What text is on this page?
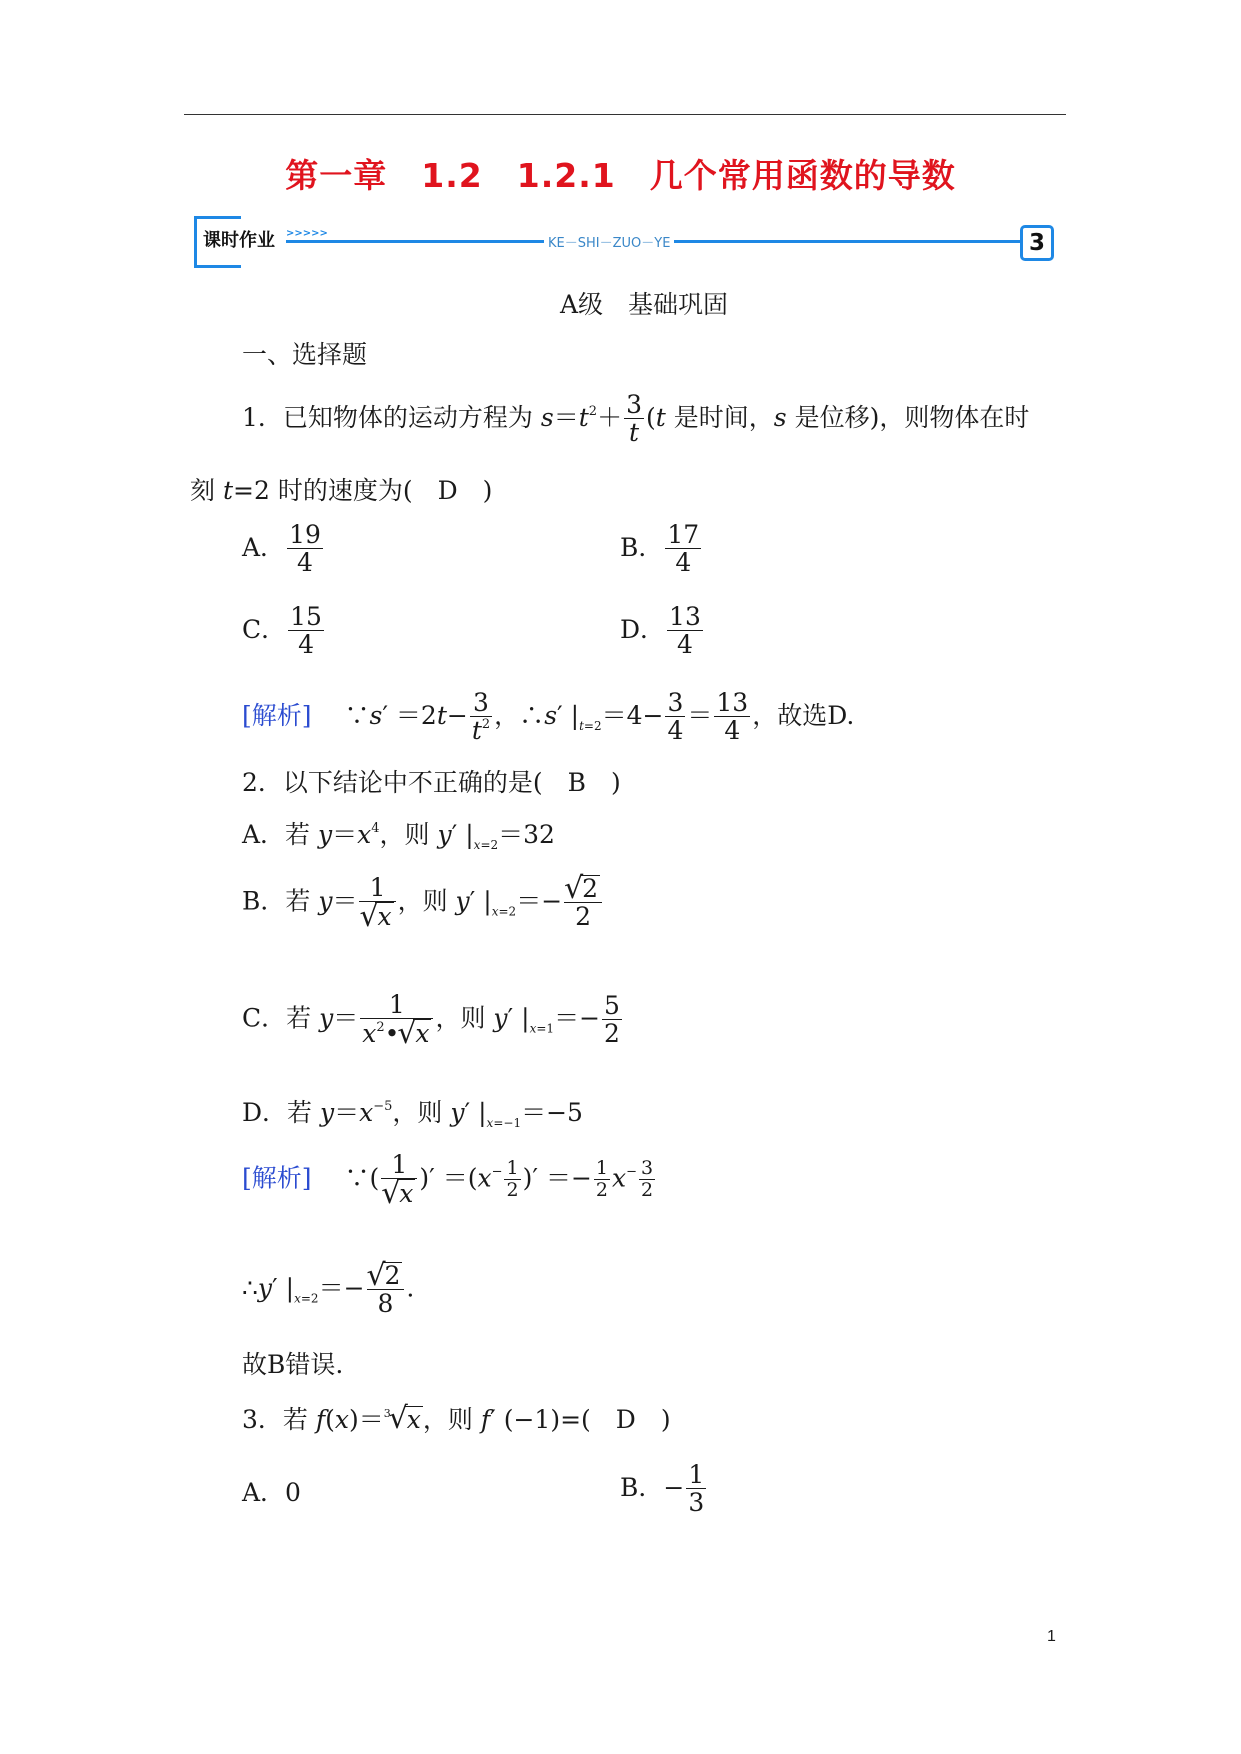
第一章　1.2　1.2.1　几个常用函数的导数
课时作业 >>>>>
KE－SHI－ZUO－YE	3
A级　基础巩固
一、选择题
1．已知物体的运动方程为 $s=t^2+ \frac{3}{t} (t$ 是时间，s 是位移)，则物体在时
刻 t=2 时的速度为(　D　)
A． $\frac{19}{4}$	B． $\frac{17}{4}$
C． $\frac{15}{4}$	D． $\frac{13}{4}$
[解析] 　∵s′ $=2t- \frac{3}{t^2}$ ，∴s′ $|_{t=2}=4- \frac{3}{4} = \frac{13}{4}$ ，故选D.
2．以下结论中不正确的是(　B　)
A．若 $y=x^4$，则 y′ $|_{x=2}=32$
B．若 y＝ 1
√ x ，则 y′ $|_{x=2}=-$ √ $\frac{2}{2}$
C．若 $y= \frac{1}{x^2• √ x}$ ，则 y′ $|_{x=1}=- \frac{5}{2}$
D．若 $y=x^{-5}$，则 y′ $|_{x=-1}=-5$
[解析] 　∵( 1
√ x )′ $=(x^- \frac{1}{2}$ )′ ＝− $\frac{1}{2} x^- \frac{3}{2}$
∴y′ $|_{x=2}=-$ √ $\frac{2}{8}$ .
故B错误.
3．若 f(x)＝$^3$ √ x，则 f′ (−1)=(　D　)
A．0	B．− $\frac{1}{3}$
1
